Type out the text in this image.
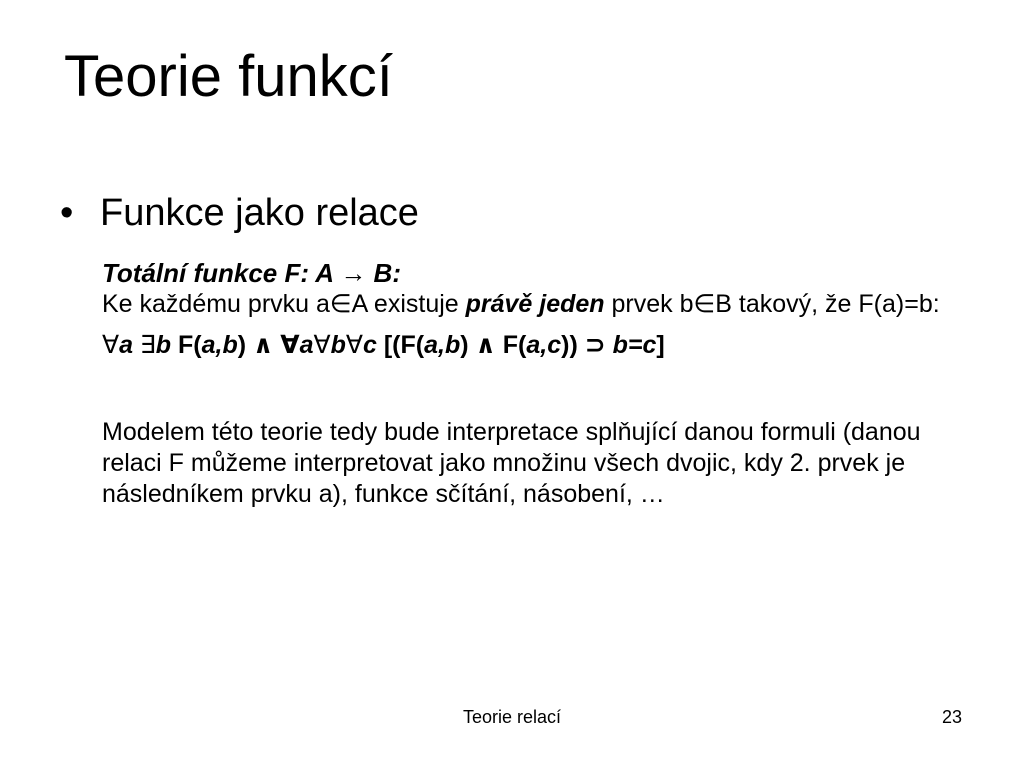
Teorie funkcí
• Funkce jako relace

Totální funkce F: A → B:

Ke každému prvku a∈A existuje právě jeden prvek b∈B takový, že F(a)=b:

∀a ∃b F(a,b) ∧ ∀a∀b∀c [(F(a,b) ∧ F(a,c)) ⊃ b=c]

Modelem této teorie tedy bude interpretace splňující danou formuli (danou relaci F můžeme interpretovat jako množinu všech dvojic, kdy 2. prvek je následníkem prvku a), funkce sčítání, násobení, …

Teorie relací	23
